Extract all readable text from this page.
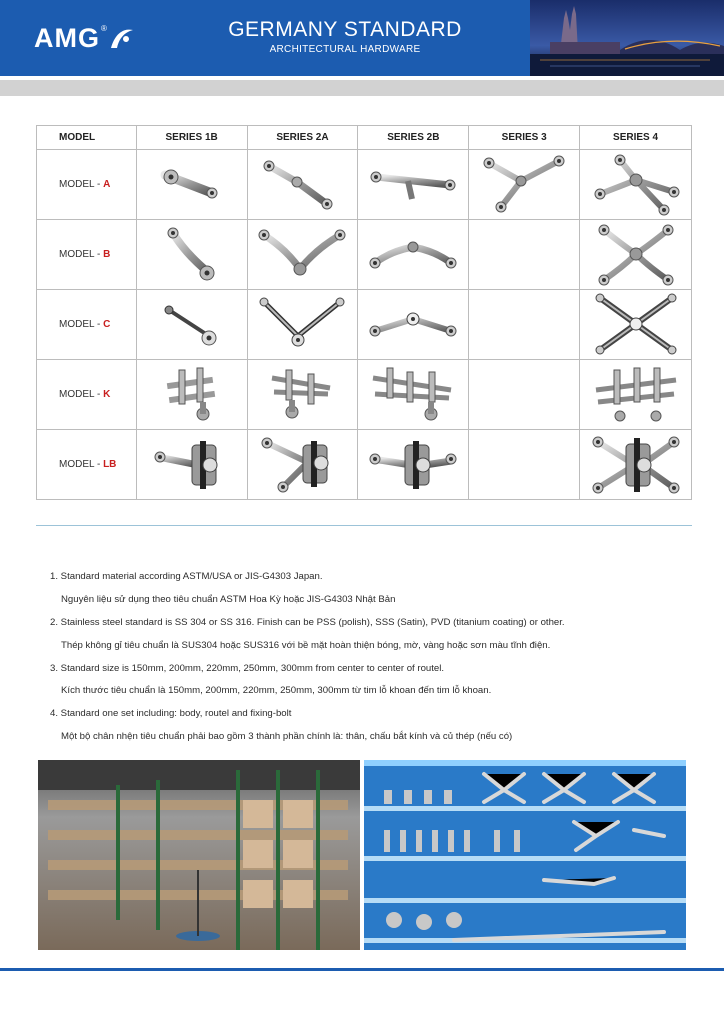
AMG ®	GERMANY STANDARD
ARCHITECTURAL HARDWARE
MODEL	SERIES 1B	SERIES 2A	SERIES 2B	SERIES 3	SERIES 4
MODEL - A	

MODEL - B	

MODEL - C	

MODEL - K	

MODEL - LB	

1. Standard material according ASTM/USA or JIS-G4303 Japan.
Nguyên liệu sử dụng theo tiêu chuẩn ASTM Hoa Kỳ hoặc JIS-G4303 Nhật Bản
2. Stainless steel standard is SS 304 or SS 316. Finish can be PSS (polish), SSS (Satin), PVD (titanium coating) or other.
Thép không gỉ tiêu chuẩn là SUS304 hoặc SUS316 với bề mặt hoàn thiện bóng, mờ, vàng hoặc sơn màu tĩnh điện.
3. Standard size is 150mm, 200mm, 220mm, 250mm, 300mm from center to center of routel.
Kích thước tiêu chuẩn là 150mm, 200mm, 220mm, 250mm, 300mm từ tim lỗ khoan đến tim lỗ khoan.
4. Standard one set including: body, routel and fixing-bolt
Một bộ chân nhện tiêu chuẩn phải bao gồm 3 thành phần chính là: thân, chấu bắt kính và củ thép (nếu có)
